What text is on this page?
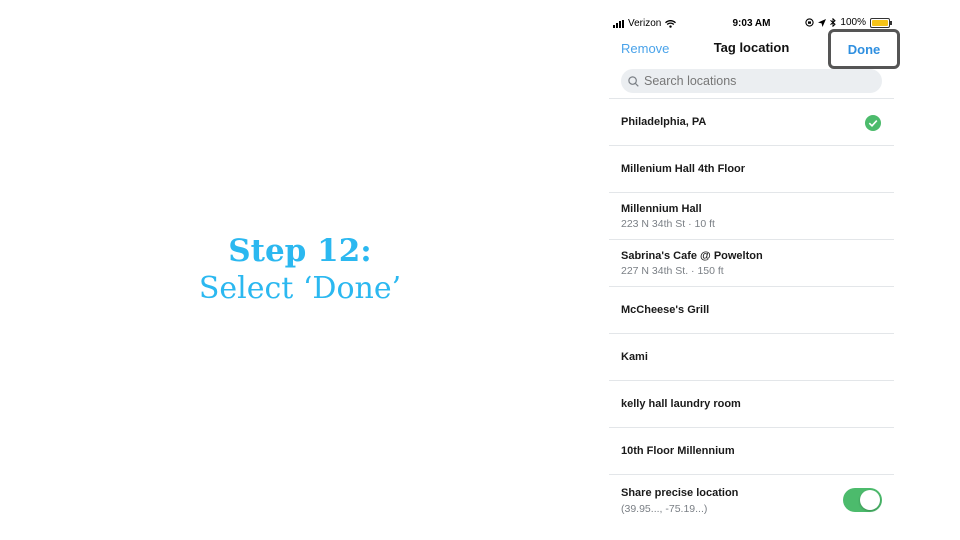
Step 12:
Select ‘Done’
Verizon	9:03 AM	100%
Remove	Tag location	Done
Search locations
Philadelphia, PA
Millenium Hall 4th Floor
Millennium Hall
223 N 34th St · 10 ft
Sabrina's Cafe @ Powelton
227 N 34th St. · 150 ft
McCheese's Grill
Kami
kelly hall laundry room
10th Floor Millennium
Share precise location
(39.95..., -75.19...)
